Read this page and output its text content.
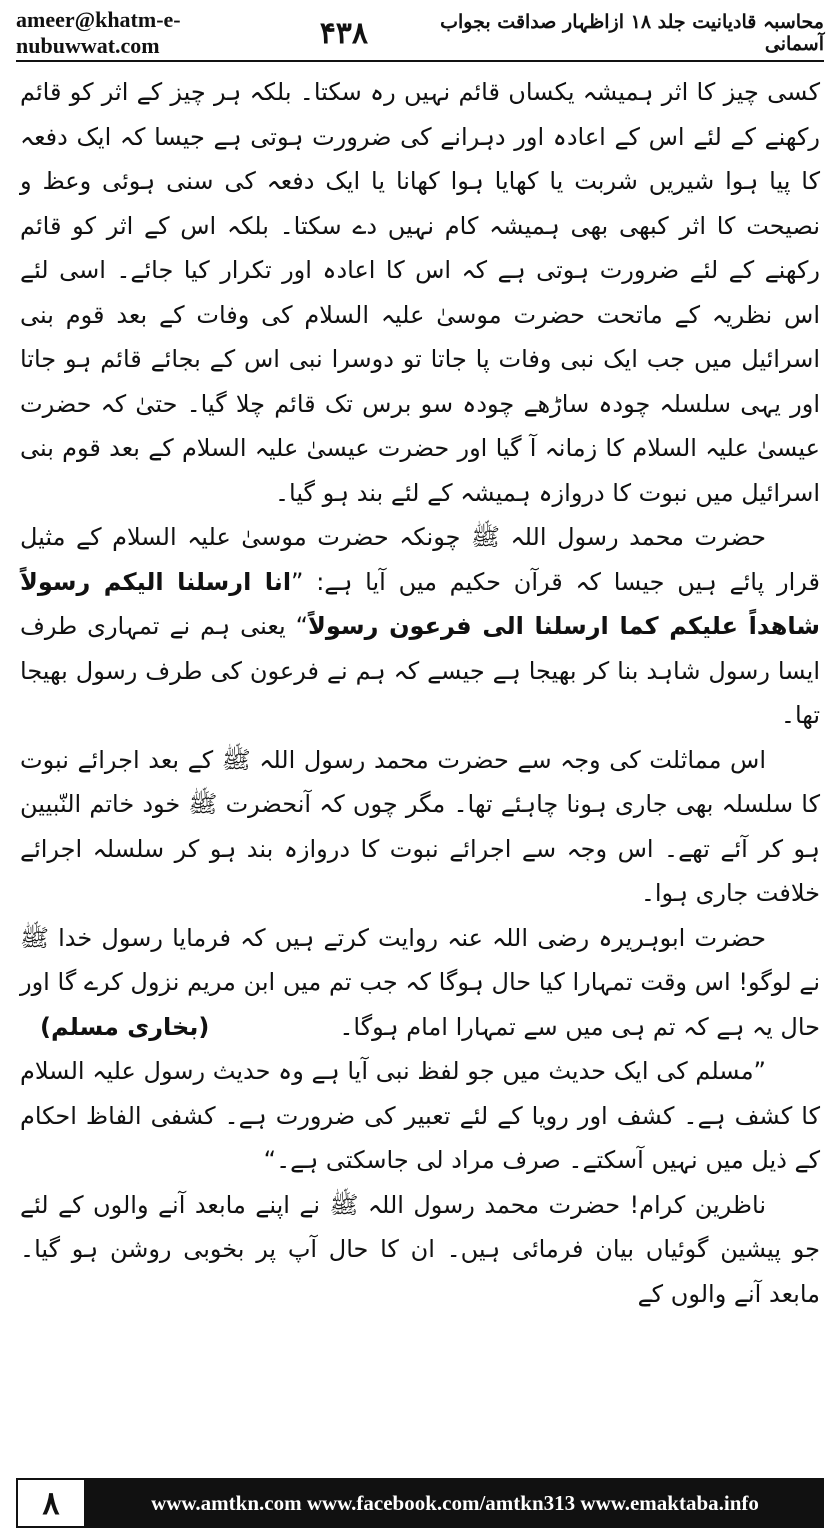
ameer@khatm-e-nubuwwat.com	۴۳۸	محاسبہ قادیانیت جلد ۱۸ ازاظہار صداقت بجواب آسمانی

کسی چیز کا اثر ہمیشہ یکساں قائم نہیں رہ سکتا۔ بلکہ ہر چیز کے اثر کو قائم رکھنے کے لئے اس کے اعادہ اور دہرانے کی ضرورت ہوتی ہے جیسا کہ ایک دفعہ کا پیا ہوا شیریں شربت یا کھایا ہوا کھانا یا ایک دفعہ کی سنی ہوئی وعظ و نصیحت کا اثر کبھی بھی ہمیشہ کام نہیں دے سکتا۔ بلکہ اس کے اثر کو قائم رکھنے کے لئے ضرورت ہوتی ہے کہ اس کا اعادہ اور تکرار کیا جائے۔ اسی لئے اس نظریہ کے ماتحت حضرت موسیٰ علیہ السلام کی وفات کے بعد قوم بنی اسرائیل میں جب ایک نبی وفات پا جاتا تو دوسرا نبی اس کے بجائے قائم ہو جاتا اور یہی سلسلہ چودہ ساڑھے چودہ سو برس تک قائم چلا گیا۔ حتیٰ کہ حضرت عیسیٰ علیہ السلام کا زمانہ آ گیا اور حضرت عیسیٰ علیہ السلام کے بعد قوم بنی اسرائیل میں نبوت کا دروازہ ہمیشہ کے لئے بند ہو گیا۔

حضرت محمد رسول اللہ ﷺ چونکہ حضرت موسیٰ علیہ السلام کے مثیل قرار پائے ہیں جیسا کہ قرآن حکیم میں آیا ہے: ”انا ارسلنا الیکم رسولاً شاھداً علیکم کما ارسلنا الی فرعون رسولاً“ یعنی ہم نے تمہاری طرف ایسا رسول شاہد بنا کر بھیجا ہے جیسے کہ ہم نے فرعون کی طرف رسول بھیجا تھا۔

اس مماثلت کی وجہ سے حضرت محمد رسول اللہ ﷺ کے بعد اجرائے نبوت کا سلسلہ بھی جاری ہونا چاہئے تھا۔ مگر چوں کہ آنحضرت ﷺ خود خاتم النّبیین ہو کر آئے تھے۔ اس وجہ سے اجرائے نبوت کا دروازہ بند ہو کر سلسلہ اجرائے خلافت جاری ہوا۔

حضرت ابوہریرہ رضی اللہ عنہ روایت کرتے ہیں کہ فرمایا رسول خدا ﷺ نے لوگو! اس وقت تمہارا کیا حال ہوگا کہ جب تم میں ابن مریم نزول کرے گا اور حال یہ ہے کہ تم ہی میں سے تمہارا امام ہوگا۔
(بخاری مسلم)

”مسلم کی ایک حدیث میں جو لفظ نبی آیا ہے وہ حدیث رسول علیہ السلام کا کشف ہے۔ کشف اور رویا کے لئے تعبیر کی ضرورت ہے۔ کشفی الفاظ احکام کے ذیل میں نہیں آسکتے۔ صرف مراد لی جاسکتی ہے۔“

ناظرین کرام! حضرت محمد رسول اللہ ﷺ نے اپنے مابعد آنے والوں کے لئے جو پیشین گوئیاں بیان فرمائی ہیں۔ ان کا حال آپ پر بخوبی روشن ہو گیا۔ مابعد آنے والوں کے

۸	www.amtkn.com www.facebook.com/amtkn313 www.emaktaba.info
